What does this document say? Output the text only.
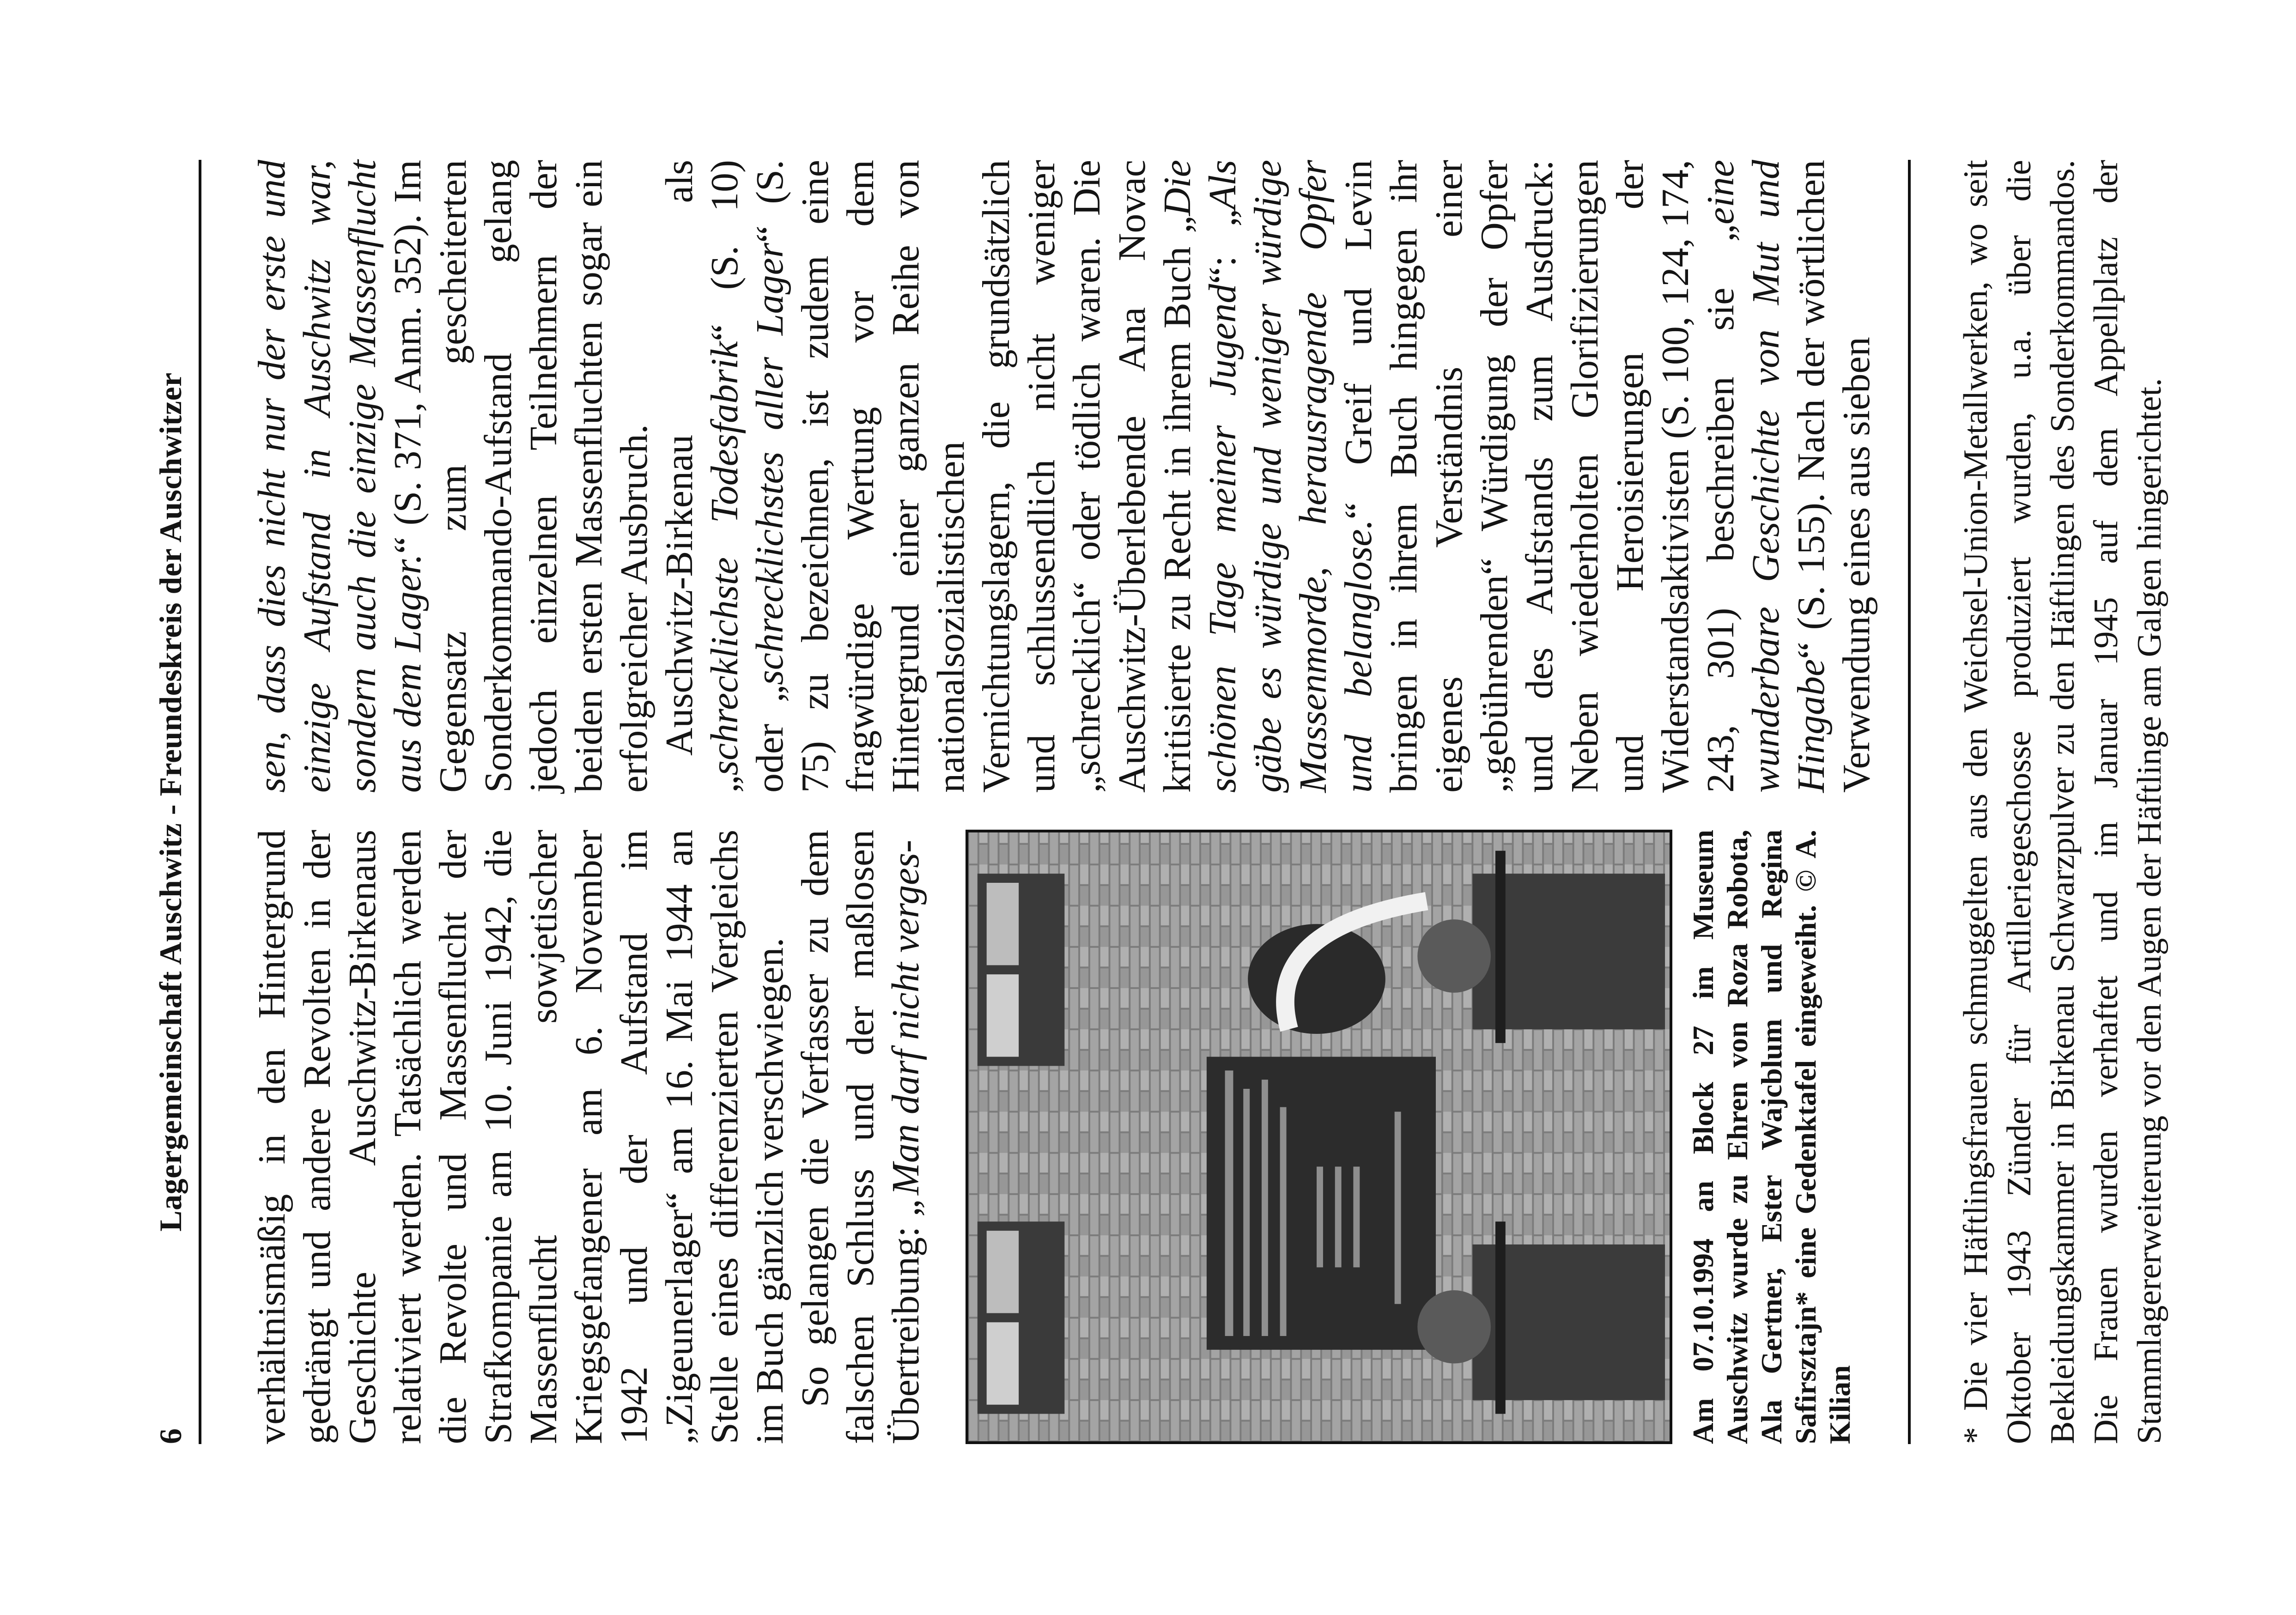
6
Lagergemeinschaft Auschwitz - Freundeskreis der Auschwitzer verhältnismäßig in den Hintergrund gedrängt und andere Revolten in der Geschichte Auschwitz-Birkenaus relativiert werden. Tatsächlich werden die Revolte und Massenflucht der Strafkompanie am 10. Juni 1942, die Massenflucht sowjetischer Kriegsgefangener am 6. November 1942 und der Aufstand im „Zigeunerlager“ am 16. Mai 1944 an Stelle eines differenzierten Vergleichs im Buch gänzlich verschwiegen. So gelangen die Verfasser zu dem falschen Schluss und der maßlosen Übertreibung: „Man darf nicht verges-	Am 07.10.1994 an Block 27 im Museum Auschwitz wurde zu Ehren von Roza Robota, Ala Gertner, Ester Wajcblum und Regina Safirsztajn* eine Gedenktafel eingeweiht. © A. Kilian

sen, dass dies nicht nur der erste und einzige Aufstand in Auschwitz war, sondern auch die einzige Massenflucht aus dem Lager.“ (S. 371, Anm. 352). Im Gegensatz zum gescheiterten Sonderkommando-Aufstand gelang jedoch einzelnen Teilnehmern der beiden ersten Massenfluchten sogar ein erfolgreicher Ausbruch. Auschwitz-Birkenau als „schrecklichste Todesfabrik“ (S. 10) oder „schrecklichstes aller Lager“ (S. 75) zu bezeichnen, ist zudem eine fragwürdige Wertung vor dem Hintergrund einer ganzen Reihe von nationalsozialistischen Vernichtungslagern, die grundsätzlich und schlussendlich nicht weniger „schrecklich“ oder tödlich waren. Die Auschwitz-Überlebende Ana Novac kritisierte zu Recht in ihrem Buch „Die schönen Tage meiner Jugend“: „Als gäbe es würdige und weniger würdige Massenmorde, herausragende Opfer und belanglose.“ Greif und Levin bringen in ihrem Buch hingegen ihr eigenes Verständnis einer „gebührenden“ Würdigung der Opfer und des Aufstands zum Ausdruck: Neben wiederholten Glorifizierungen und Heroisierungen der Widerstandsaktivisten (S. 100, 124, 174, 243, 301) beschreiben sie „eine wunderbare Geschichte von Mut und Hingabe“ (S. 155). Nach der wörtlichen Verwendung eines aus sieben * Die vier Häftlingsfrauen schmuggelten aus den Weichsel-Union-Metallwerken, wo seit Oktober 1943 Zünder für Artilleriegeschosse produziert wurden, u.a. über die Bekleidungskammer in Birkenau Schwarzpulver zu den Häftlingen des Sonderkommandos. Die Frauen wurden verhaftet und im Januar 1945 auf dem Appellplatz der Stammlagererweiterung vor den Augen der Häftlinge am Galgen hingerichtet.
